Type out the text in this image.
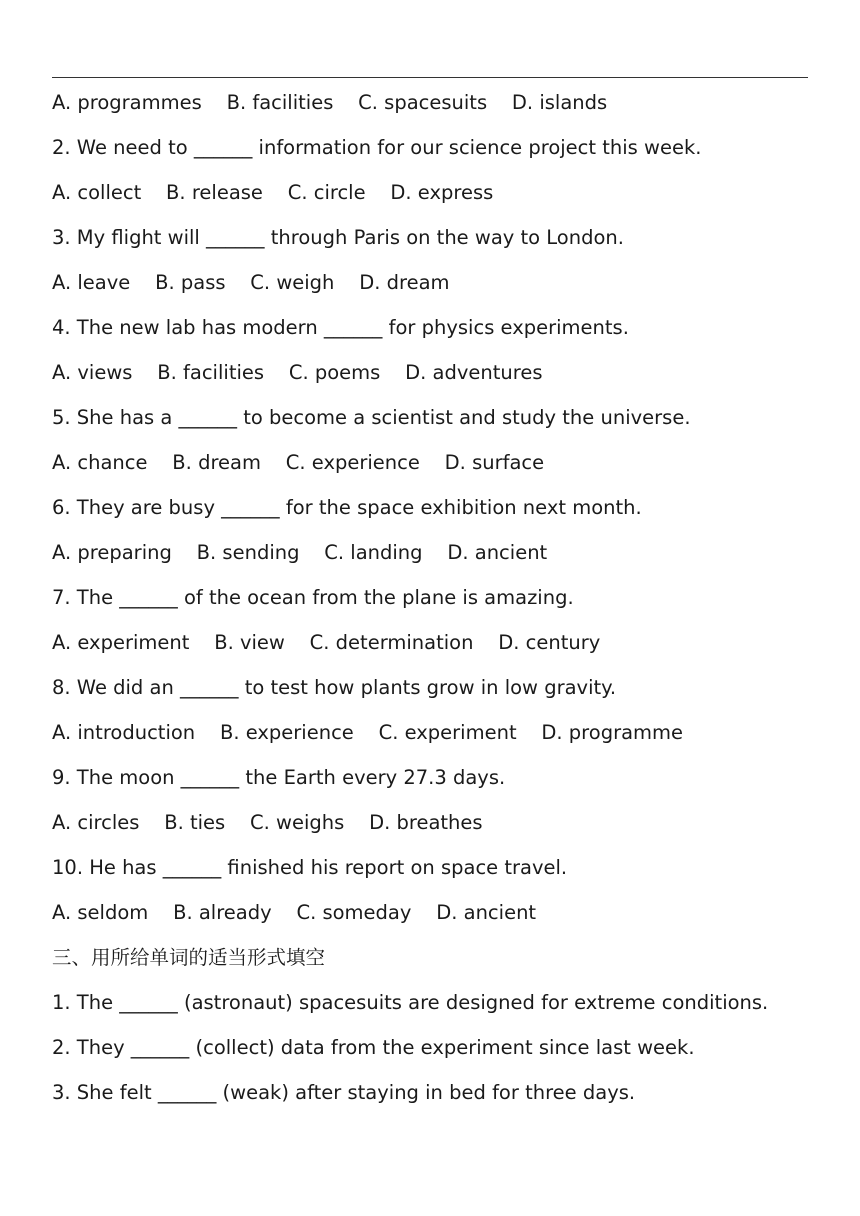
A. programmes    B. facilities    C. spacesuits    D. islands
2. We need to ______ information for our science project this week.
A. collect    B. release    C. circle    D. express
3. My flight will ______ through Paris on the way to London.
A. leave    B. pass    C. weigh    D. dream
4. The new lab has modern ______ for physics experiments.
A. views    B. facilities    C. poems    D. adventures
5. She has a ______ to become a scientist and study the universe.
A. chance    B. dream    C. experience    D. surface
6. They are busy ______ for the space exhibition next month.
A. preparing    B. sending    C. landing    D. ancient
7. The ______ of the ocean from the plane is amazing.
A. experiment    B. view    C. determination    D. century
8. We did an ______ to test how plants grow in low gravity.
A. introduction    B. experience    C. experiment    D. programme
9. The moon ______ the Earth every 27.3 days.
A. circles    B. ties    C. weighs    D. breathes
10. He has ______ finished his report on space travel.
A. seldom    B. already    C. someday    D. ancient
三、用所给单词的适当形式填空
1. The ______ (astronaut) spacesuits are designed for extreme conditions.
2. They ______ (collect) data from the experiment since last week.
3. She felt ______ (weak) after staying in bed for three days.
